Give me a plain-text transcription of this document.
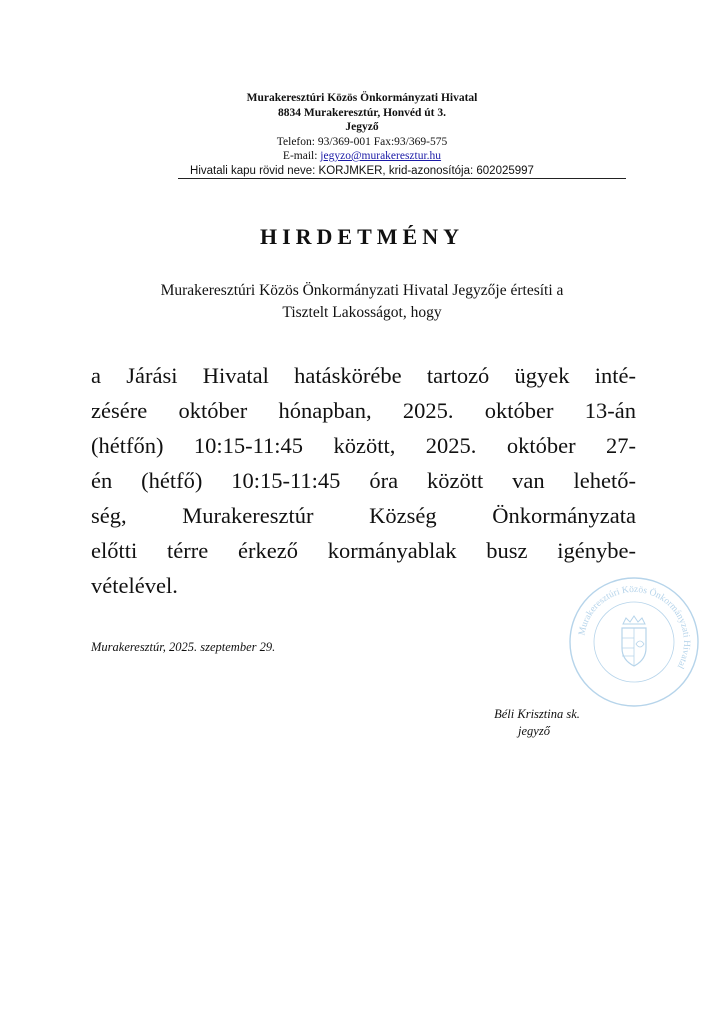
Murakeresztúri Közös Önkormányzati Hivatal
8834 Murakeresztúr, Honvéd út 3.
Jegyző
Telefon: 93/369-001 Fax:93/369-575
E-mail: jegyzo@murakeresztur.hu
Hivatali kapu rövid neve: KORJMKER, krid-azonosítója: 602025997
HIRDETMÉNY
Murakeresztúri Közös Önkormányzati Hivatal Jegyzője értesíti a
Tisztelt Lakosságot, hogy
a Járási Hivatal hatáskörébe tartozó ügyek inté-
zésére október hónapban, 2025. október 13-án
(hétfőn) 10:15-11:45 között, 2025. október 27-
én (hétfő) 10:15-11:45 óra között van lehető-
ség, Murakeresztúr Község Önkormányzata
előtti térre érkező kormányablak busz igénybe-
vételével.
Murakeresztúr, 2025. szeptember 29.
Béli Krisztina sk.
jegyző
Murakeresztúri Közös Önkormányzati Hivatal
